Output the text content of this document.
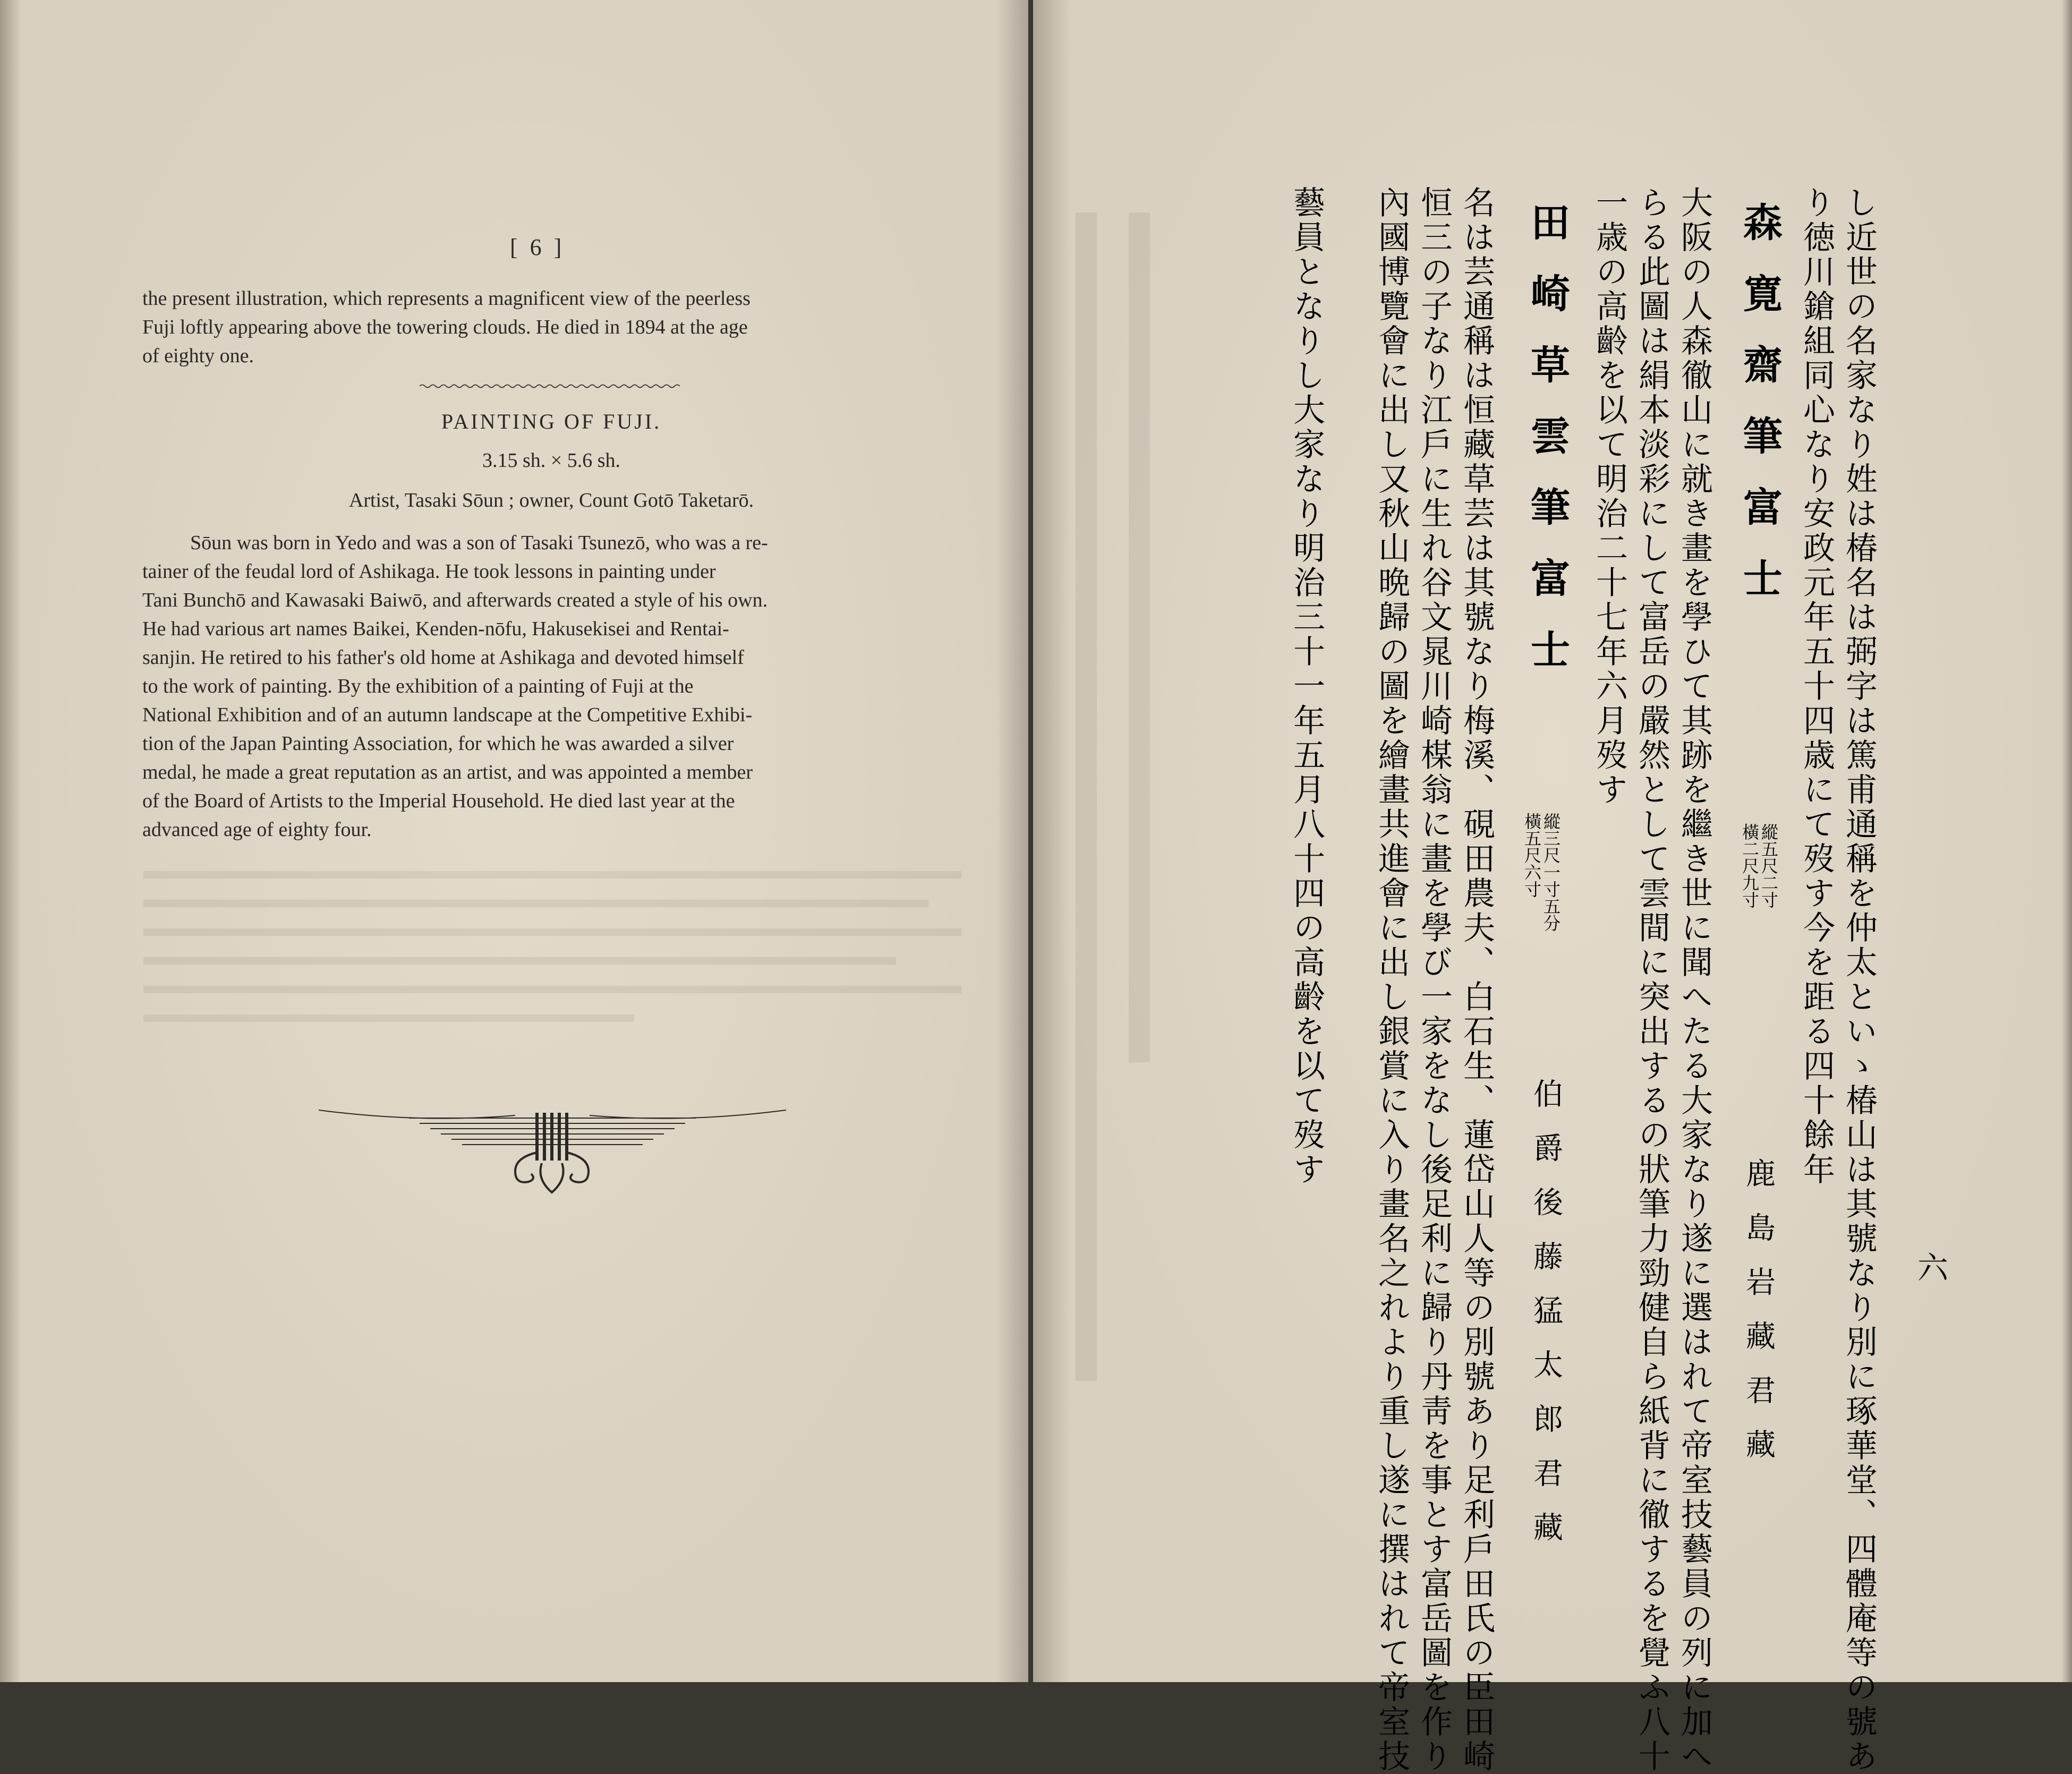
[ 6 ]
the present illustration, which represents a magnificent view of the peerless
Fuji loftly appearing above the towering clouds. He died in 1894 at the age
of eighty one.
PAINTING OF FUJI.
3.15 sh. × 5.6 sh.
Artist, Tasaki Sōun ; owner, Count Gotō Taketarō.
Sōun was born in Yedo and was a son of Tasaki Tsunezō, who was a re-
tainer of the feudal lord of Ashikaga. He took lessons in painting under
Tani Bunchō and Kawasaki Baiwō, and afterwards created a style of his own.
He had various art names Baikei, Kenden-nōfu, Hakusekisei and Rentai-
sanjin. He retired to his father's old home at Ashikaga and devoted himself
to the work of painting. By the exhibition of a painting of Fuji at the
National Exhibition and of an autumn landscape at the Competitive Exhibi-
tion of the Japan Painting Association, for which he was awarded a silver
medal, he made a great reputation as an artist, and was appointed a member
of the Board of Artists to the Imperial Household. He died last year at the
advanced age of eighty four.	し近世の名家なり姓は椿名は弼字は篤甫通稱を仲太といゝ椿山は其號なり別に琢華堂、四體庵等の號あ
り徳川鎗組同心なり安政元年五十四歳にて歿す今を距る四十餘年
森寛齋筆富士
縱五尺二寸
橫二尺九寸
鹿島岩藏君藏
大阪の人森徹山に就き畫を學ひて其跡を繼き世に聞へたる大家なり遂に選はれて帝室技藝員の列に加へ
らる此圖は絹本淡彩にして富岳の嚴然として雲間に突出するの狀筆力勁健自ら紙背に徹するを覺ふ八十
一歳の高齡を以て明治二十七年六月歿す
田崎草雲筆富士
縱三尺一寸五分
橫五尺六寸
伯爵後藤猛太郎君藏
名は芸通稱は恒藏草芸は其號なり梅溪、硯田農夫、白石生、蓮岱山人等の別號あり足利戶田氏の臣田崎
恒三の子なり江戶に生れ谷文晁川崎楳翁に畫を學び一家をなし後足利に歸り丹靑を事とす富岳圖を作り
內國博覽會に出し又秋山晩歸の圖を繪畫共進會に出し銀賞に入り畫名之れより重し遂に撰はれて帝室技
藝員となりし大家なり明治三十一年五月八十四の高齡を以て歿す
六
